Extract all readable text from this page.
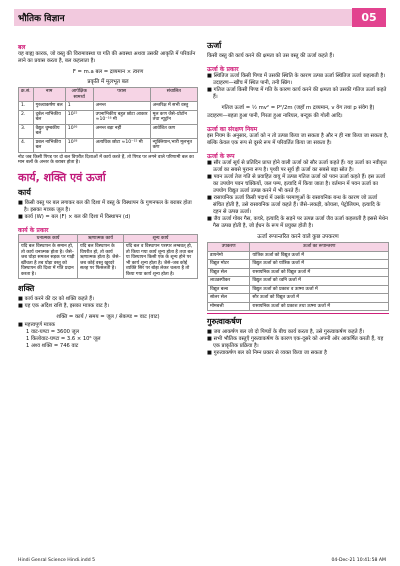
भौतिक विज्ञान	05
बल

यह बाह्य कारक, जो वस्तु की विरामावस्था या गति की अवस्था अथवा उसकी आकृति में परिवर्तन लाने का प्रयास करता है, बल कहलाता है।

F = m.a बल = द्रव्यमान × त्वरण
प्रकृति में मूलभूत बल
क्र.सं.	नाम	आपेक्षिक सामर्थ्य	परास	संचालित
1.	गुरुत्वाकर्षण बल	1	अनन्त	अन्तरिक्ष में सभी वस्तु
2.	दुर्बल नाभिकीय बल	10²⁵	उपनाभिकीय बहुत छोटा आकार ≈10⁻¹⁶ मी	मूल कण जैसे–प्रोटॉन तथा न्यूट्रॉन
3.	वैद्युत चुम्बकीय बल	10³⁶	अनन्त बड़ा नहीं	आवेशित कण
4.	प्रबल नाभिकीय बल	10³⁸	अत्यधिक छोटा ≈10⁻¹⁵ मी	न्यूक्लियान,भारी मूलभूत कण
नोट जब किसी पिण्ड पर दो बल विपरीत दिशाओं में कार्य करते हैं, तो पिण्ड पर लगने वाले परिणामी बल का मान बलों के अन्तर के बराबर होता है।
कार्य, शक्ति एवं ऊर्जा
कार्य

■ किसी वस्तु पर बल लगाकर बल की दिशा में वस्तु के विस्थापन के गुणनफल के बराबर होता है। इसका मात्रक जूल है।

■ कार्य (W) = बल (F) × बल की दिशा में विस्थापन (d)

कार्य के प्रकार
धनात्मक कार्य	ऋणात्मक कार्य	शून्य कार्य
यदि बल विस्थापन के समान हो, तो कार्य धनात्मक होता है। जैसे–जब घोड़ा समतल सड़क पर गाड़ी खींचता है तब घोड़ा वस्तु को विस्थापन की दिशा में गति प्रदान करता है।	यदि बल विस्थापन के विपरीत हो, तो कार्य ऋणात्मक होता है। जैसे–जब कोई वस्तु खुरदरे सतह पर फिसलती है।	यदि बल व विस्थापन परस्पर लम्बवत् हो, तो किया गया कार्य शून्य होता है तथा बल या विस्थापन किसी एक के शून्य होने पर भी कार्य शून्य होता है। जैसे–जब कोई व्यक्ति सिर पर बोझ लेकर चलता है तो किया गया कार्य शून्य होता है।
शक्ति

■ कार्य करने की दर को शक्ति कहते हैं।

■ यह एक अदिश राशि है, इसका मात्रक वाट है।

शक्ति = कार्य / समय = जूल / सेकण्ड = वाट (वाट)

■ महत्त्वपूर्ण मात्रक

1 वाट-घण्टा = 3600 जूल

1 किलोवाट-घण्टा = 3.6 × 10⁶ जूल

1 अश्व शक्ति = 746 वाट

ऊर्जा

किसी वस्तु की कार्य करने की क्षमता को उस वस्तु की ऊर्जा कहते हैं।

ऊर्जा के प्रकार

■ स्थितिज ऊर्जा किसी पिण्ड में उसकी स्थिति के कारण उत्पन्न ऊर्जा स्थितिज ऊर्जा कहलाती है। उदाहरण—खींच में स्थित पानी, तनी स्प्रिंग।

■ गतिज ऊर्जा किसी पिण्ड में गति के कारण कार्य करने की क्षमता को उसकी गतिज ऊर्जा कहते हैं।

गतिज ऊर्जा = ½ mv² = P²/2m (जहाँ m द्रव्यमान, v वेग तथा p संवेग है)

उदाहरण—बहता हुआ पानी, गिरता हुआ नारियल, बन्दूक की गोली आदि।

ऊर्जा का संरक्षण नियम

इस नियम के अनुसार, ऊर्जा को न तो उत्पन्न किया जा सकता है और न ही नष्ट किया जा सकता है, बल्कि केवल एक रूप से दूसरे रूप में परिवर्तित किया जा सकता है।

ऊर्जा के रूप

■ सौर ऊर्जा सूर्य से प्रतिदिन प्राप्त होने वाली ऊर्जा को सौर ऊर्जा कहते हैं। यह ऊर्जा का नवीकृत ऊर्जा का सबसे पुराना रूप है। पृथ्वी पर सूर्य ही ऊर्जा का सबसे बड़ा स्रोत है।

■ पवन ऊर्जा तेज गति से प्रवाहित वायु में उत्पन्न गतिज ऊर्जा को पवन ऊर्जा कहते हैं। इस ऊर्जा का उपयोग पवन चक्कियों, जल पम्प, इत्यादि में किया जाता है। वर्तमान में पवन ऊर्जा का उपयोग विद्युत ऊर्जा उत्पन्न करने में भी करते हैं।

■ रासायनिक ऊर्जा किसी पदार्थ में उसके परमाणुओं के रासायनिक बन्ध के कारण जो ऊर्जा संचित होती है, उसे रासायनिक ऊर्जा कहते हैं। जैसे–लकड़ी, कोयला, पेट्रोलियम, इत्यादि के दहन से उत्पन्न ऊर्जा।

■ जैव ऊर्जा गोबर गैस, कचरे, इत्यादि के सड़ने पर उत्पन्न ऊर्जा जैव ऊर्जा कहलाती है इससे मेथेन गैस उत्पन्न होती है, जो ईंधन के रूप में प्रयुक्त होती है।

ऊर्जा रूपान्तरित करने वाले कुछ उपकरण
उपकरण	ऊर्जा का रूपान्तरण
डायनेमो	यांत्रिक ऊर्जा को विद्युत ऊर्जा में
विद्युत मोटर	विद्युत ऊर्जा को यांत्रिक ऊर्जा में
विद्युत सेल	रासायनिक ऊर्जा को विद्युत ऊर्जा में
लाउडस्पीकर	विद्युत ऊर्जा को ध्वनि ऊर्जा में
विद्युत बल्ब	विद्युत ऊर्जा को प्रकाश व ऊष्मा ऊर्जा में
सोलर सेल	सौर ऊर्जा को विद्युत ऊर्जा में
मोमबत्ती	रासायनिक ऊर्जा को प्रकाश तथा ऊष्मा ऊर्जा में
गुरुत्वाकर्षण

■ जब आकर्षण बल जो दो पिण्डों के बीच कार्य करता है, उसे गुरुत्वाकर्षण कहते हैं।

■ सभी भौतिक वस्तुएँ गुरुत्वाकर्षण के कारण एक-दूसरे को अपनी ओर आकर्षित करती हैं, यह एक प्राकृतिक प्रक्रिया है।

■ गुरुत्वाकर्षण बल को निम्न प्रकार से व्यक्त किया जा सकता है

Hindi Genral Science Hindi.indd 5	04-Dec-21 10:41:58 AM
